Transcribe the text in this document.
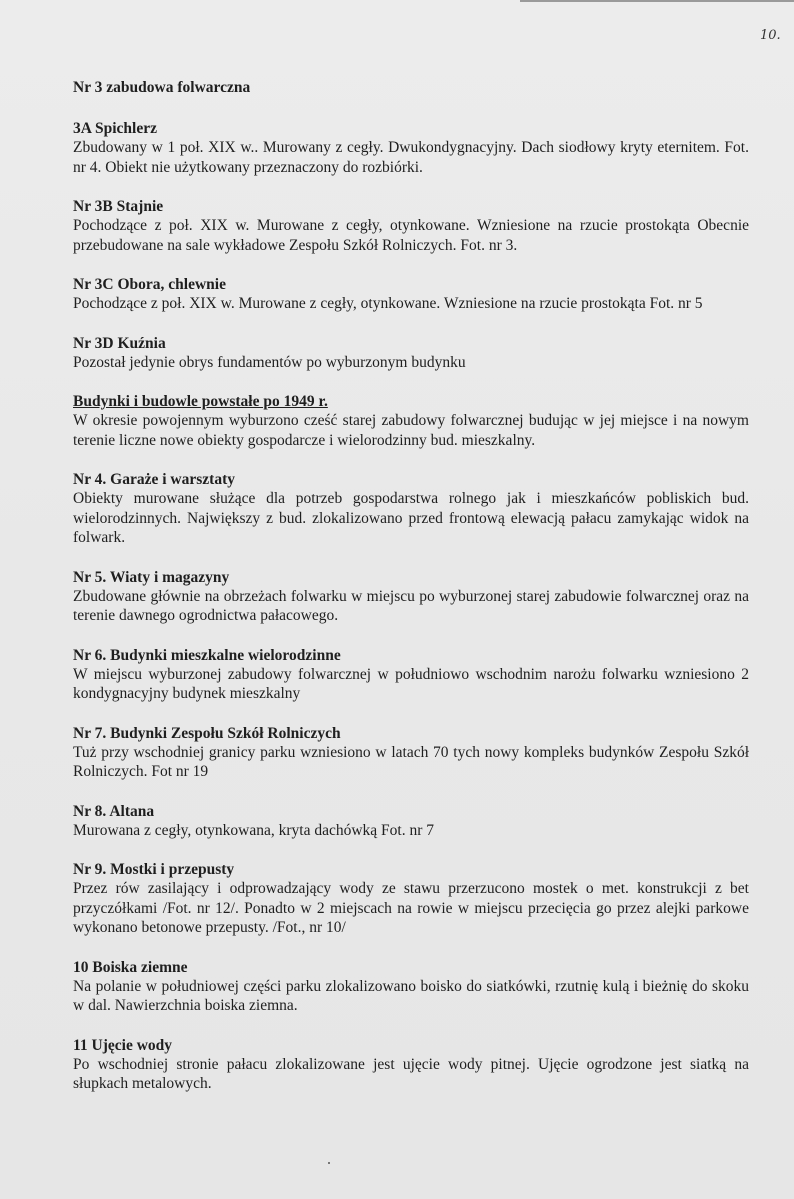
10.

Nr 3 zabudowa folwarczna

3A Spichlerz

Zbudowany w 1 poł. XIX w.. Murowany z cegły. Dwukondygnacyjny. Dach siodłowy kryty eternitem. Fot. nr 4. Obiekt nie użytkowany przeznaczony do rozbiórki.

Nr 3B Stajnie

Pochodzące z poł. XIX w. Murowane z cegły, otynkowane. Wzniesione na rzucie prostokąta Obecnie przebudowane na sale wykładowe Zespołu Szkół Rolniczych. Fot. nr 3.

Nr 3C Obora, chlewnie

Pochodzące z poł. XIX w. Murowane z cegły, otynkowane. Wzniesione na rzucie prostokąta Fot. nr 5

Nr 3D Kuźnia

Pozostał jedynie obrys fundamentów po wyburzonym budynku

Budynki i budowle powstałe po 1949 r.

W okresie powojennym wyburzono cześć starej zabudowy folwarcznej budując w jej miejsce i na nowym terenie liczne nowe obiekty gospodarcze i wielorodzinny bud. mieszkalny.

Nr 4. Garaże i warsztaty

Obiekty murowane służące dla potrzeb gospodarstwa rolnego jak i mieszkańców pobliskich bud. wielorodzinnych. Największy z bud. zlokalizowano przed frontową elewacją pałacu zamykając widok na folwark.

Nr 5. Wiaty i magazyny

Zbudowane głównie na obrzeżach folwarku w miejscu po wyburzonej starej zabudowie folwarcznej oraz na terenie dawnego ogrodnictwa pałacowego.

Nr 6. Budynki mieszkalne wielorodzinne

W miejscu wyburzonej zabudowy folwarcznej w południowo wschodnim narożu folwarku wzniesiono 2 kondygnacyjny budynek mieszkalny

Nr 7. Budynki Zespołu Szkół Rolniczych

Tuż przy wschodniej granicy parku wzniesiono w latach 70 tych nowy kompleks budynków Zespołu Szkół Rolniczych. Fot nr 19

Nr 8. Altana

Murowana z cegły, otynkowana, kryta dachówką Fot. nr 7

Nr 9. Mostki i przepusty

Przez rów zasilający i odprowadzający wody ze stawu przerzucono mostek o met. konstrukcji z bet przyczółkami /Fot. nr 12/. Ponadto w 2 miejscach na rowie w miejscu przecięcia go przez alejki parkowe wykonano betonowe przepusty. /Fot., nr 10/

10 Boiska ziemne

Na polanie w południowej części parku zlokalizowano boisko do siatkówki, rzutnię kulą i bieżnię do skoku w dal. Nawierzchnia boiska ziemna.

11 Ujęcie wody

Po wschodniej stronie pałacu zlokalizowane jest ujęcie wody pitnej. Ujęcie ogrodzone jest siatką na słupkach metalowych.
